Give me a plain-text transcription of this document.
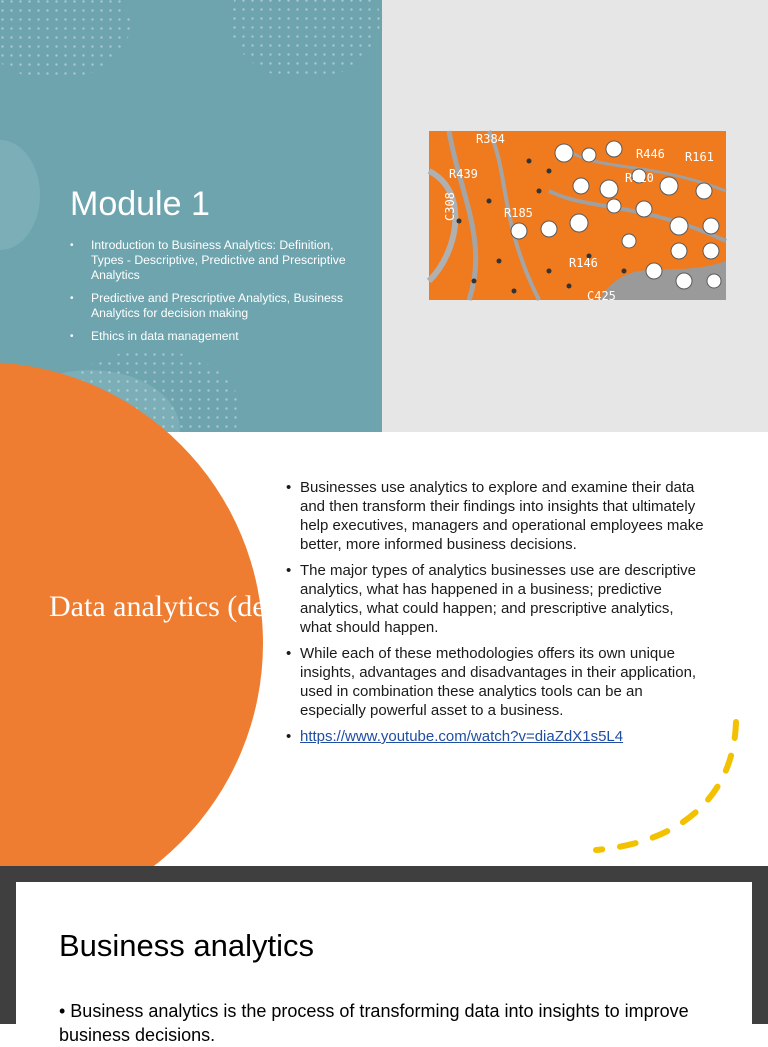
Module 1
• Introduction to Business Analytics: Definition, Types - Descriptive, Predictive and Prescriptive Analytics
• Predictive and Prescriptive Analytics, Business Analytics for decision making
• Ethics in data management
R384
R446 R161
R439	R410
R185
R146
C425
C308
Data analytics (definition )
• Businesses use analytics to explore and examine their data and then transform their findings into insights that ultimately help executives, managers and operational employees make better, more informed business decisions.
• The major types of analytics businesses use are descriptive analytics, what has happened in a business; predictive analytics, what could happen; and prescriptive analytics, what should happen.
• While each of these methodologies offers its own unique insights, advantages and disadvantages in their application, used in combination these analytics tools can be an especially powerful asset to a business.
• https://www.youtube.com/watch?v=diaZdX1s5L4
Business analytics

• Business analytics is the process of transforming data into insights to improve business decisions.
